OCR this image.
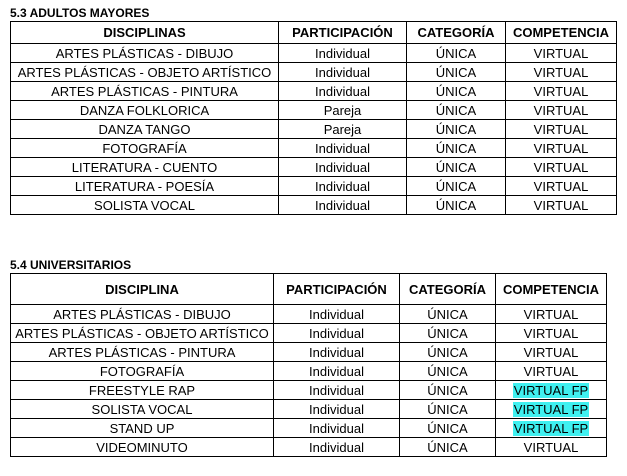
5.3 ADULTOS MAYORES
DISCIPLINAS	PARTICIPACIÓN	CATEGORÍA	COMPETENCIA
ARTES PLÁSTICAS - DIBUJO	Individual	ÚNICA	VIRTUAL
ARTES PLÁSTICAS - OBJETO ARTÍSTICO	Individual	ÚNICA	VIRTUAL
ARTES PLÁSTICAS - PINTURA	Individual	ÚNICA	VIRTUAL
DANZA FOLKLORICA	Pareja	ÚNICA	VIRTUAL
DANZA TANGO	Pareja	ÚNICA	VIRTUAL
FOTOGRAFÍA	Individual	ÚNICA	VIRTUAL
LITERATURA - CUENTO	Individual	ÚNICA	VIRTUAL
LITERATURA - POESÍA	Individual	ÚNICA	VIRTUAL
SOLISTA VOCAL	Individual	ÚNICA	VIRTUAL
5.4 UNIVERSITARIOS
DISCIPLINA	PARTICIPACIÓN	CATEGORÍA	COMPETENCIA
ARTES PLÁSTICAS - DIBUJO	Individual	ÚNICA	VIRTUAL
ARTES PLÁSTICAS - OBJETO ARTÍSTICO	Individual	ÚNICA	VIRTUAL
ARTES PLÁSTICAS - PINTURA	Individual	ÚNICA	VIRTUAL
FOTOGRAFÍA	Individual	ÚNICA	VIRTUAL
FREESTYLE RAP	Individual	ÚNICA	VIRTUAL FP
SOLISTA VOCAL	Individual	ÚNICA	VIRTUAL FP
STAND UP	Individual	ÚNICA	VIRTUAL FP
VIDEOMINUTO	Individual	ÚNICA	VIRTUAL
